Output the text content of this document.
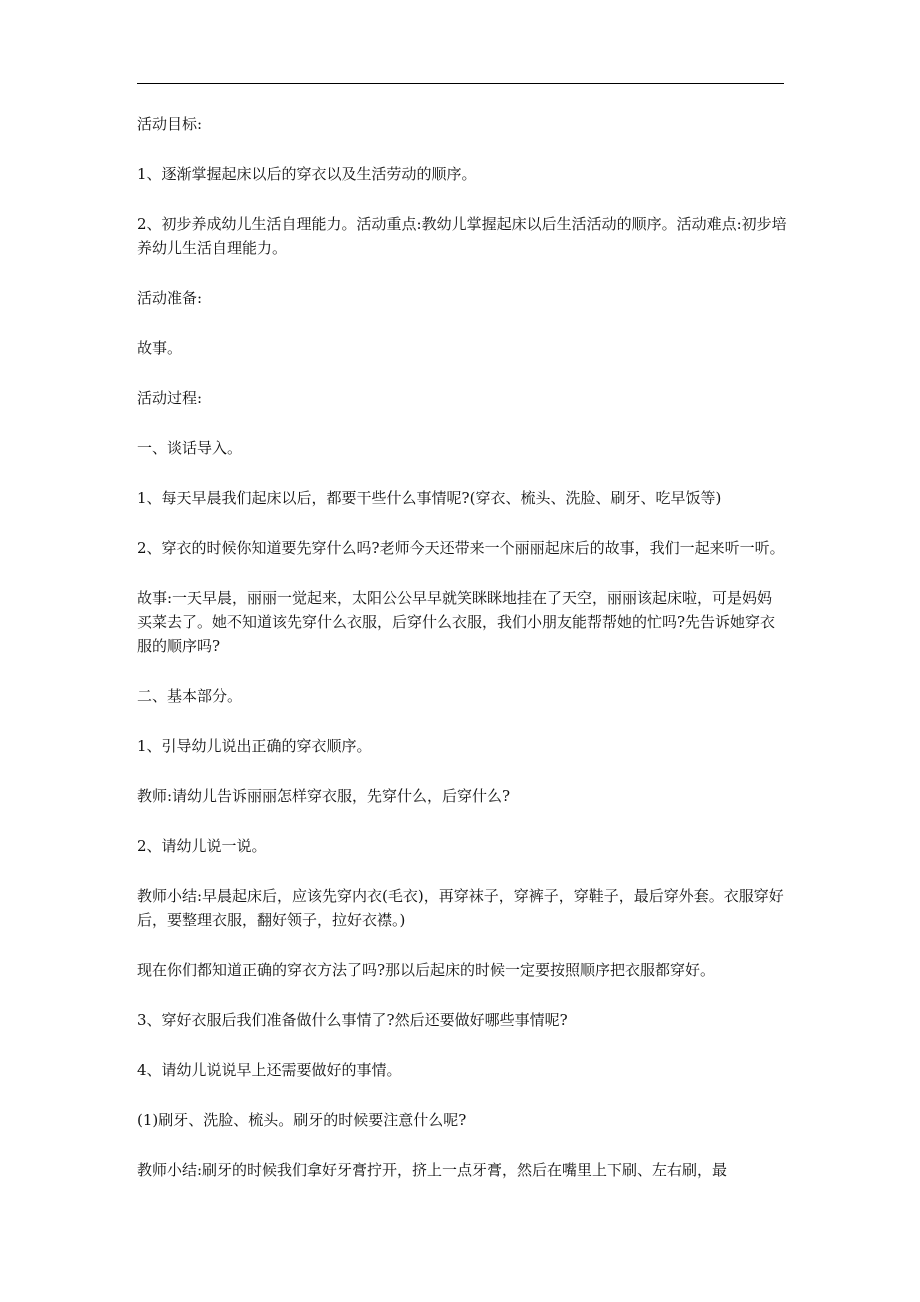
活动目标:

1、逐渐掌握起床以后的穿衣以及生活劳动的顺序。

2、初步养成幼儿生活自理能力。活动重点:教幼儿掌握起床以后生活活动的顺序。活动难点:初步培养幼儿生活自理能力。

活动准备:

故事。

活动过程:

一、谈话导入。

1、每天早晨我们起床以后，都要干些什么事情呢?(穿衣、梳头、洗脸、刷牙、吃早饭等)

2、穿衣的时候你知道要先穿什么吗?老师今天还带来一个丽丽起床后的故事，我们一起来听一听。

故事:一天早晨，丽丽一觉起来，太阳公公早早就笑眯眯地挂在了天空，丽丽该起床啦，可是妈妈买菜去了。她不知道该先穿什么衣服，后穿什么衣服，我们小朋友能帮帮她的忙吗?先告诉她穿衣服的顺序吗?

二、基本部分。

1、引导幼儿说出正确的穿衣顺序。

教师:请幼儿告诉丽丽怎样穿衣服，先穿什么，后穿什么?

2、请幼儿说一说。

教师小结:早晨起床后，应该先穿内衣(毛衣)，再穿袜子，穿裤子，穿鞋子，最后穿外套。衣服穿好后，要整理衣服，翻好领子，拉好衣襟。)

现在你们都知道正确的穿衣方法了吗?那以后起床的时候一定要按照顺序把衣服都穿好。

3、穿好衣服后我们准备做什么事情了?然后还要做好哪些事情呢?

4、请幼儿说说早上还需要做好的事情。

(1)刷牙、洗脸、梳头。刷牙的时候要注意什么呢?

教师小结:刷牙的时候我们拿好牙膏拧开，挤上一点牙膏，然后在嘴里上下刷、左右刷，最
